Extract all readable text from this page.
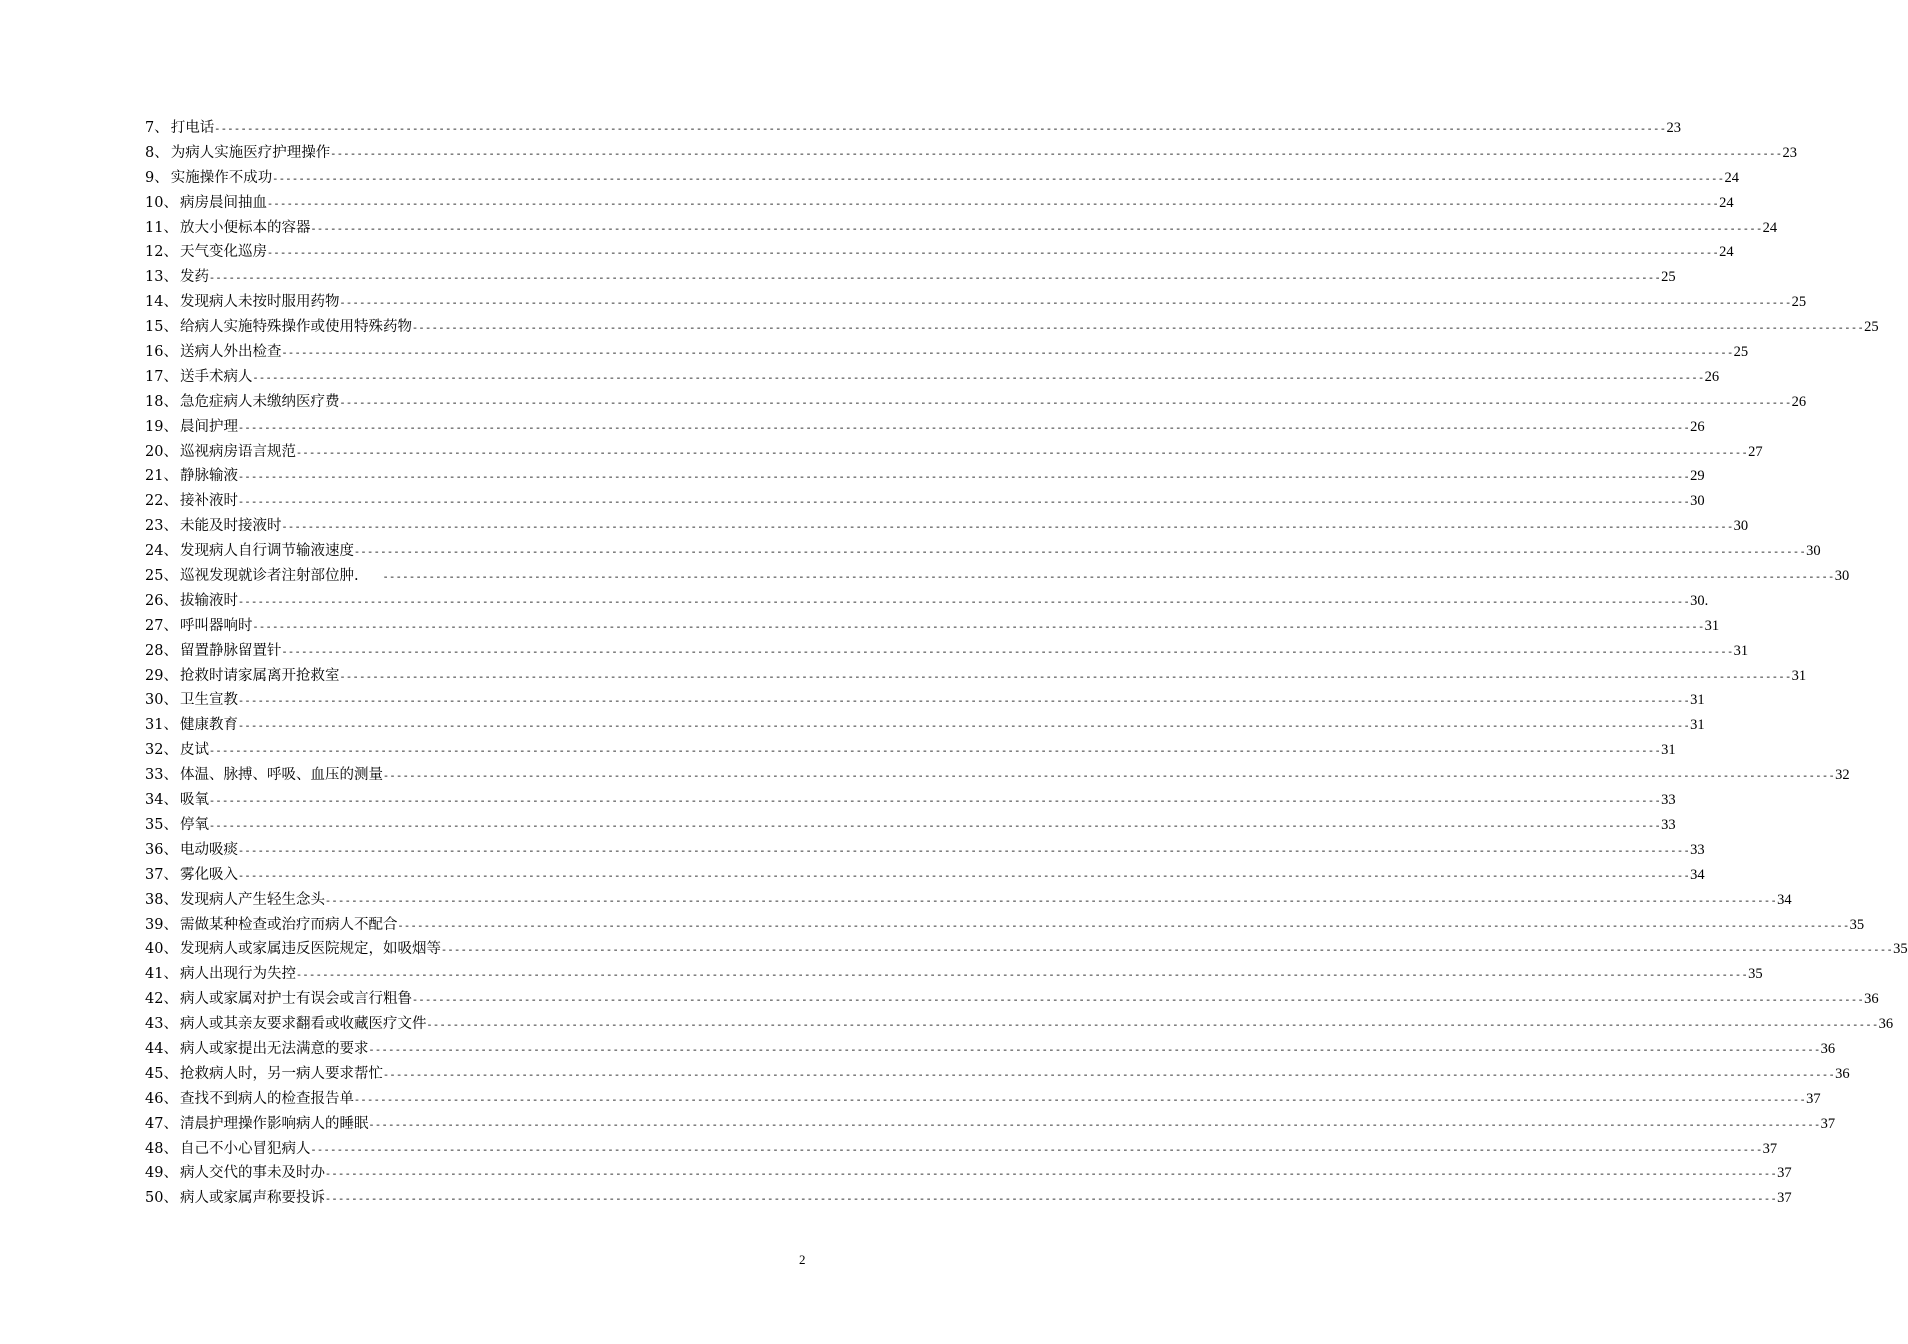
7 、 打电话 ---------------------------------------------------------------------------------------------------------------------------------------------------------------------------------------------------------------------------- 23
8 、 为病人实施医疗护理操作 ---------------------------------------------------------------------------------------------------------------------------------------------------------------------------------------------------------------------------- 23
9 、 实施操作不成功 ---------------------------------------------------------------------------------------------------------------------------------------------------------------------------------------------------------------------------- 24
10 、 病房晨间抽血 ---------------------------------------------------------------------------------------------------------------------------------------------------------------------------------------------------------------------------- 24
11 、 放大小便标本的容器 ---------------------------------------------------------------------------------------------------------------------------------------------------------------------------------------------------------------------------- 24
12 、 天气变化巡房 ---------------------------------------------------------------------------------------------------------------------------------------------------------------------------------------------------------------------------- 24
13 、 发药 ---------------------------------------------------------------------------------------------------------------------------------------------------------------------------------------------------------------------------- 25
14 、 发现病人未按时服用药物 ---------------------------------------------------------------------------------------------------------------------------------------------------------------------------------------------------------------------------- 25
15 、 给病人实施特殊操作或使用特殊药物 ---------------------------------------------------------------------------------------------------------------------------------------------------------------------------------------------------------------------------- 25
16 、 送病人外出检查 ---------------------------------------------------------------------------------------------------------------------------------------------------------------------------------------------------------------------------- 25
17 、 送手术病人 ---------------------------------------------------------------------------------------------------------------------------------------------------------------------------------------------------------------------------- 26
18 、 急危症病人未缴纳医疗费 ---------------------------------------------------------------------------------------------------------------------------------------------------------------------------------------------------------------------------- 26
19 、 晨间护理 ---------------------------------------------------------------------------------------------------------------------------------------------------------------------------------------------------------------------------- 26
20 、 巡视病房语言规范 ---------------------------------------------------------------------------------------------------------------------------------------------------------------------------------------------------------------------------- 27
21 、 静脉输液 ---------------------------------------------------------------------------------------------------------------------------------------------------------------------------------------------------------------------------- 29
22 、 接补液时 ---------------------------------------------------------------------------------------------------------------------------------------------------------------------------------------------------------------------------- 30
23 、 未能及时接液时 ---------------------------------------------------------------------------------------------------------------------------------------------------------------------------------------------------------------------------- 30
24 、 发现病人自行调节输液速度 ---------------------------------------------------------------------------------------------------------------------------------------------------------------------------------------------------------------------------- 30
25 、 巡视发现就诊者注射部位肿.	---------------------------------------------------------------------------------------------------------------------------------------------------------------------------------------------------------------------------- 30
26 、 拔输液时 ---------------------------------------------------------------------------------------------------------------------------------------------------------------------------------------------------------------------------- 30.
27 、 呼叫器响时 ---------------------------------------------------------------------------------------------------------------------------------------------------------------------------------------------------------------------------- 31
28 、 留置静脉留置针 ---------------------------------------------------------------------------------------------------------------------------------------------------------------------------------------------------------------------------- 31
29 、 抢救时请家属离开抢救室 ---------------------------------------------------------------------------------------------------------------------------------------------------------------------------------------------------------------------------- 31
30 、 卫生宣教 ---------------------------------------------------------------------------------------------------------------------------------------------------------------------------------------------------------------------------- 31
31 、 健康教育 ---------------------------------------------------------------------------------------------------------------------------------------------------------------------------------------------------------------------------- 31
32 、 皮试 ---------------------------------------------------------------------------------------------------------------------------------------------------------------------------------------------------------------------------- 31
33 、 体温、脉搏、呼吸、血压的测量 ---------------------------------------------------------------------------------------------------------------------------------------------------------------------------------------------------------------------------- 32
34 、 吸氧 ---------------------------------------------------------------------------------------------------------------------------------------------------------------------------------------------------------------------------- 33
35 、 停氧 ---------------------------------------------------------------------------------------------------------------------------------------------------------------------------------------------------------------------------- 33
36 、 电动吸痰 ---------------------------------------------------------------------------------------------------------------------------------------------------------------------------------------------------------------------------- 33
37 、 雾化吸入 ---------------------------------------------------------------------------------------------------------------------------------------------------------------------------------------------------------------------------- 34
38 、 发现病人产生轻生念头 ---------------------------------------------------------------------------------------------------------------------------------------------------------------------------------------------------------------------------- 34
39 、 需做某种检查或治疗而病人不配合 ---------------------------------------------------------------------------------------------------------------------------------------------------------------------------------------------------------------------------- 35
40 、 发现病人或家属违反医院规定，如吸烟等 ---------------------------------------------------------------------------------------------------------------------------------------------------------------------------------------------------------------------------- 35
41 、 病人出现行为失控 ---------------------------------------------------------------------------------------------------------------------------------------------------------------------------------------------------------------------------- 35
42 、 病人或家属对护士有误会或言行粗鲁 ---------------------------------------------------------------------------------------------------------------------------------------------------------------------------------------------------------------------------- 36
43 、 病人或其亲友要求翻看或收藏医疗文件 ---------------------------------------------------------------------------------------------------------------------------------------------------------------------------------------------------------------------------- 36
44 、 病人或家提出无法满意的要求 ---------------------------------------------------------------------------------------------------------------------------------------------------------------------------------------------------------------------------- 36
45 、 抢救病人时，另一病人要求帮忙 ---------------------------------------------------------------------------------------------------------------------------------------------------------------------------------------------------------------------------- 36
46 、 查找不到病人的检查报告单 ---------------------------------------------------------------------------------------------------------------------------------------------------------------------------------------------------------------------------- 37
47 、 清晨护理操作影响病人的睡眠 ---------------------------------------------------------------------------------------------------------------------------------------------------------------------------------------------------------------------------- 37
48 、 自己不小心冒犯病人 ---------------------------------------------------------------------------------------------------------------------------------------------------------------------------------------------------------------------------- 37
49 、 病人交代的事未及时办 ---------------------------------------------------------------------------------------------------------------------------------------------------------------------------------------------------------------------------- 37
50 、 病人或家属声称要投诉 ---------------------------------------------------------------------------------------------------------------------------------------------------------------------------------------------------------------------------- 37
2
